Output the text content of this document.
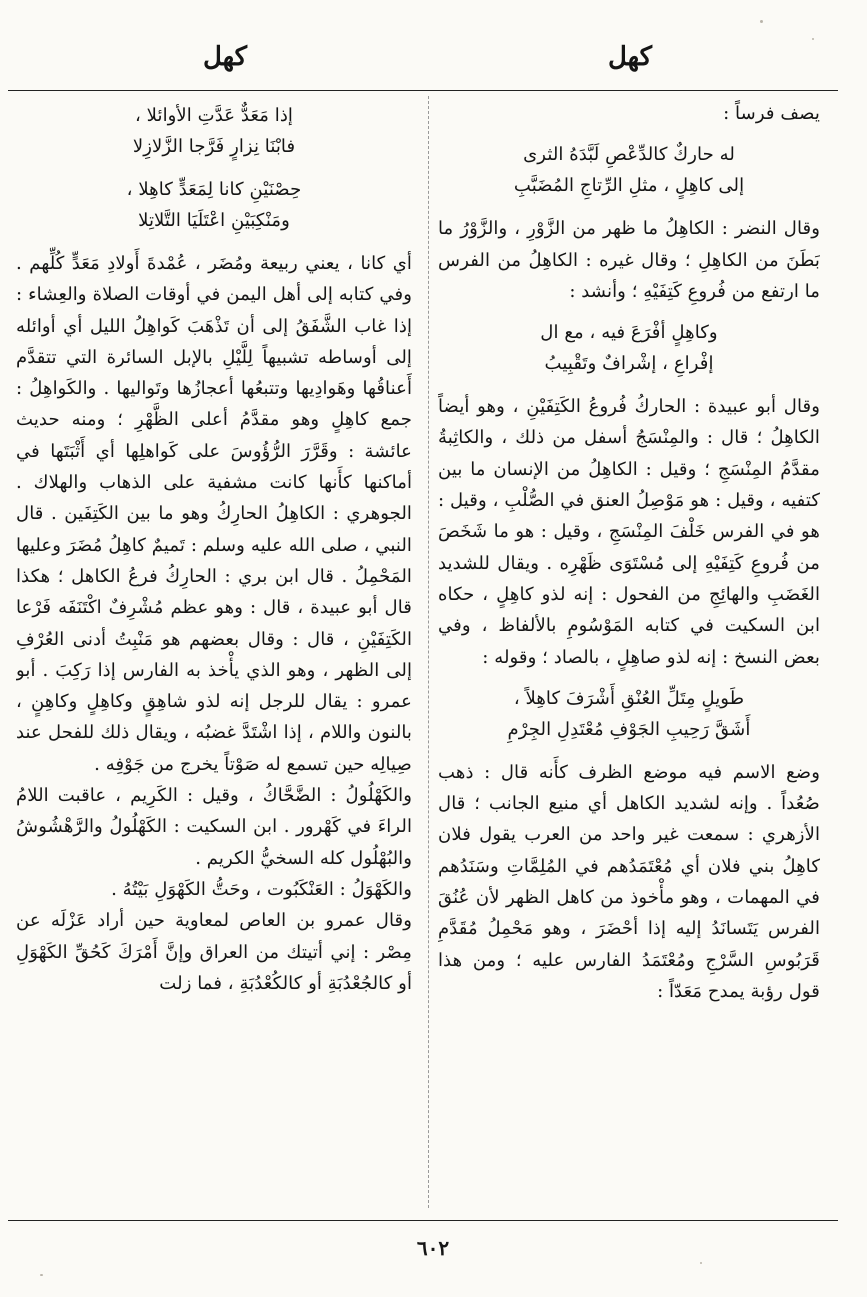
كهل
كهل

يصف فرساً :

له حاركٌ كالدِّعْصِ لَبَّدَهُ الثرى
إلى كاهِلٍ ، مثلِ الرِّتاجِ المُضَبَّبِ

وقال النضر : الكاهِلُ ما ظهر من الزَّوْرِ ، والزَّوْرُ ما بَطَنَ من الكاهِلِ ؛ وقال غيره : الكاهِلُ من الفرس ما ارتفع من فُروعِ كَتِفَيْهِ ؛ وأنشد :

وكاهِلٍ أفْرَعَ فيه ، مع ال
إفْراعِ ، إشْرافٌ وتَقْبِيبُ

وقال أبو عبيدة : الحاركُ فُروعُ الكَتِفَيْنِ ، وهو أيضاً الكاهِلُ ؛ قال : والمِنْسَجُ أسفل من ذلك ، والكاثِبةُ مقدَّمُ المِنْسَجِ ؛ وقيل : الكاهِلُ من الإنسان ما بين كتفيه ، وقيل : هو مَوْصِلُ العنق في الصُّلْبِ ، وقيل : هو في الفرس خَلْفَ المِنْسَجِ ، وقيل : هو ما شَخَصَ من فُروعِ كَتِفَيْهِ إلى مُسْتَوَى ظَهْرِه . ويقال للشديد الغَضَبِ والهائِجِ من الفحول : إنه لذو كاهِلٍ ، حكاه ابن السكيت في كتابه المَوْسُومِ بالألفاظ ، وفي بعض النسخ : إنه لذو صاهِلٍ ، بالصاد ؛ وقوله :

طَويلٍ مِتَلِّ العُنْقِ أَشْرَفَ كاهِلاً ،
أَشَقَّ رَحِيبِ الجَوْفِ مُعْتَدِلِ الجِرْمِ

وضع الاسم فيه موضع الظرف كأَنه قال : ذهب صُعُداً . وإنه لشديد الكاهل أي منيع الجانب ؛ قال الأزهري : سمعت غير واحد من العرب يقول فلان كاهِلُ بني فلان أي مُعْتَمَدُهم في المُلِمَّاتِ وسَنَدُهم في المهمات ، وهو مأْخوذ من كاهل الظهر لأن عُنُقَ الفرس يَتَسانَدُ إليه إذا أحْضَرَ ، وهو مَحْمِلُ مُقَدَّمِ قَرَبُوسِ السَّرْجِ ومُعْتَمَدُ الفارس عليه ؛ ومن هذا قول رؤبة يمدح مَعَدّاً :

إذا مَعَدٌّ عَدَّتِ الأوائلا ،
فابْنَا نِزارٍ فَرَّجا الزَّلازِلا
حِصْنَيْنِ كانا لِمَعَدٍّ كاهِلا ،
ومَنْكِبَيْنِ اعْتَلَيَا التَّلاتِلا

أي كانا ، يعني ربيعة ومُضَر ، عُمْدةَ أَولادِ مَعَدٍّ كُلِّهم . وفي كتابه إلى أهل اليمن في أوقات الصلاة والعِشاء : إذا غاب الشَّفَقُ إلى أن تَذْهَبَ كَواهِلُ الليل أي أوائله إلى أوساطه تشبيهاً لِلَّيْلِ بالإبل السائرة التي تتقدَّم أَعناقُها وهَوادِيها وتتبعُها أعجازُها وتَواليها . والكَواهِلُ : جمع كاهِلٍ وهو مقدَّمُ أعلى الظَّهْرِ ؛ ومنه حديث عائشة : وقَرَّرَ الرُّؤُوسَ على كَواهلِها أي أَثْبَتَها في أماكنها كأَنها كانت مشفية على الذهاب والهلاك . الجوهري : الكاهِلُ الحارِكُ وهو ما بين الكَتِفَين . قال النبي ، صلى الله عليه وسلم : تَميمٌ كاهِلُ مُضَرَ وعليها المَحْمِلُ . قال ابن بري : الحارِكُ فرعُ الكاهل ؛ هكذا قال أبو عبيدة ، قال : وهو عظم مُشْرِفٌ اكْتَنَفَه فَرْعا الكَتِفَيْنِ ، قال : وقال بعضهم هو مَنْبِتُ أدنى العُرْفِ إلى الظهر ، وهو الذي يأْخذ به الفارس إذا رَكِبَ . أبو عمرو : يقال للرجل إنه لذو شاهِقٍ وكاهِلٍ وكاهِنٍ ، بالنون واللام ، إذا اشْتَدَّ غضبُه ، ويقال ذلك للفحل عند صِيالِه حين تسمع له صَوْتاً يخرج من جَوْفِه .

والكَهْلُولُ : الضَّحَّاكُ ، وقيل : الكَرِيم ، عاقبت اللامُ الراءَ في كَهْرور . ابن السكيت : الكَهْلُولُ والرَّهْشُوشُ والبُهْلُول كله السخيُّ الكريم .

والكَهْوَلُ : العَنْكَبُوت ، وحَتُّ الكَهْوَلِ بَيْتُهُ .

وقال عمرو بن العاص لمعاوية حين أراد عَزْلَه عن مِصْر : إني أتيتك من العراق وإنَّ أَمْرَكَ كَحُقِّ الكَهْوَلِ أو كالجُعْدُبَةِ أو كالكُعْدُبَةِ ، فما زلت

٦٠٢
